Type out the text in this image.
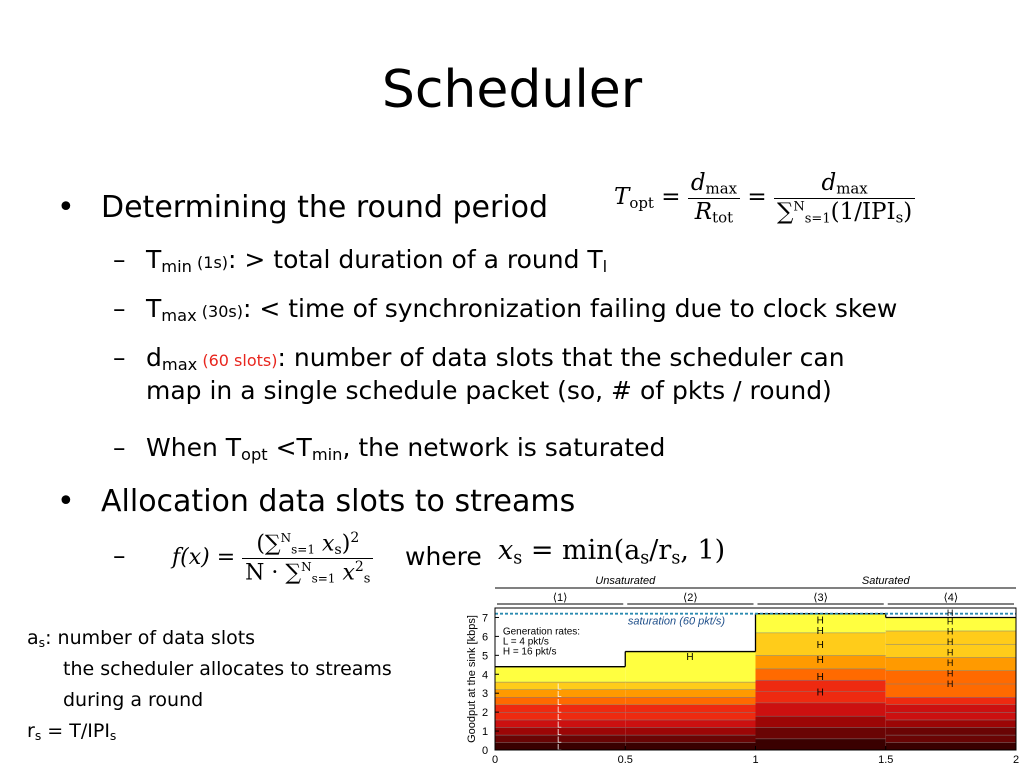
Scheduler
• Determining the round period	$T_{opt} = \frac{d_{max}}{R_{tot}} = \frac{d_{max}}{\sum^N_{s=1}(1/IPI_s)}$
– $T_{min}$ (1s): > total duration of a round $T_l$
– $T_{max}$ (30s): < time of synchronization failing due to clock skew
– $d_{max}$ (60 slots): number of data slots that the scheduler can
map in a single schedule packet (so, # of pkts / round)
– When $T_{opt} <T_{min}$, the network is saturated
• Allocation data slots to streams
– $f(x) = \frac{(\sum^N_{s=1} x_s)^2}{N \cdot \sum^N_{s=1} x^2_s}$ where $x_s = \min(a_s/r_s$, 1)
$a_s$: number of data slots
the scheduler allocates to streams
during a round
$r_s = T/IPI_s$
saturation (60 pkt/s)
Generation rates:
L = 4 pkt/s
H = 16 pkt/s
L
L
L
L
L
L
L
L
L
H
H
H
H
H
H
H
H
H
H
H
H
H
H
H
0
1
2
3
4
5
6
7
0	0.5	1	1.5	2
Goodput at the sink [kbps]
Unsaturated	Saturated
⟨1⟩	⟨2⟩	⟨3⟩	⟨4⟩
